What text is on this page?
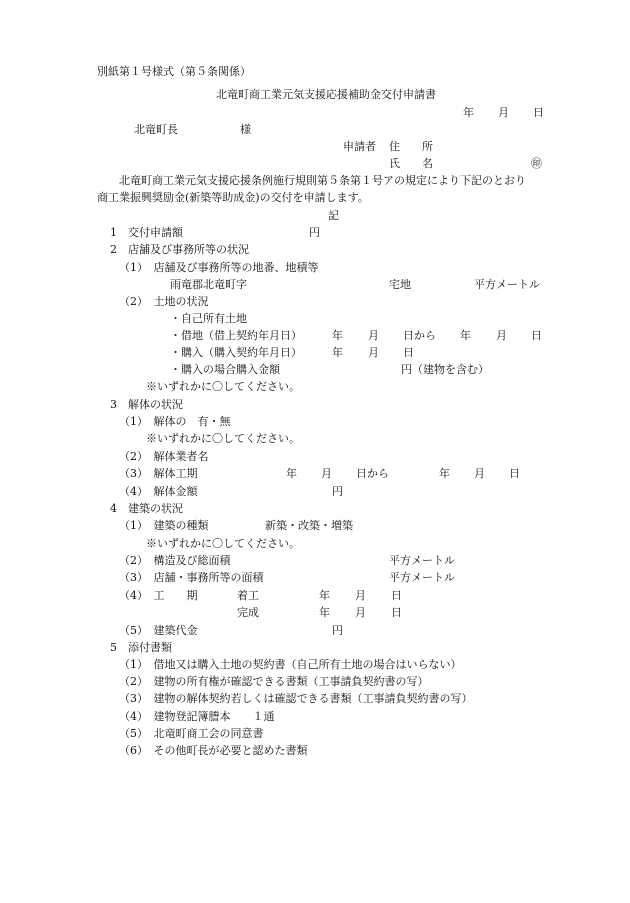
別紙第１号様式（第５条関係）
北竜町商工業元気支援応援補助金交付申請書
年 月 日
北竜町長	様
申請者 住　　所
氏　　名	㊞
北竜町商工業元気支援応援条例施行規則第５条第１号アの規定により下記のとおり
商工業振興奨励金(新築等助成金)の交付を申請します。
記
1　交付申請額	円
2　店舗及び事務所等の状況
（1）　店舗及び事務所等の地番、地積等
雨竜郡北竜町字	宅地	平方メートル
（2）　土地の状況
・自己所有土地
・借地（借上契約年月日）	年 月 日から 年 月 日
・購入（購入契約年月日）	年 月 日
・購入の場合購入金額	円（建物を含む）
※いずれかに〇してください。
3　解体の状況
（1）　解体の　有・無
※いずれかに〇してください。
（2）　解体業者名
（3）　解体工期	年 月 日から	年 月 日
（4）　解体金額	円
4　建築の状況
（1）　建築の種類	新築・改築・増築
※いずれかに〇してください。
（2）　構造及び総面積	平方メートル
（3）　店舗・事務所等の面積	平方メートル
（4）　工　　期	着工	年 月 日
完成	年 月 日
（5）　建築代金	円
5　添付書類
（1）　借地又は購入土地の契約書（自己所有土地の場合はいらない）
（2）　建物の所有権が確認できる書類（工事請負契約書の写）
（3）　建物の解体契約若しくは確認できる書類（工事請負契約書の写）
（4）　建物登記簿謄本　　１通
（5）　北竜町商工会の同意書
（6）　その他町長が必要と認めた書類
